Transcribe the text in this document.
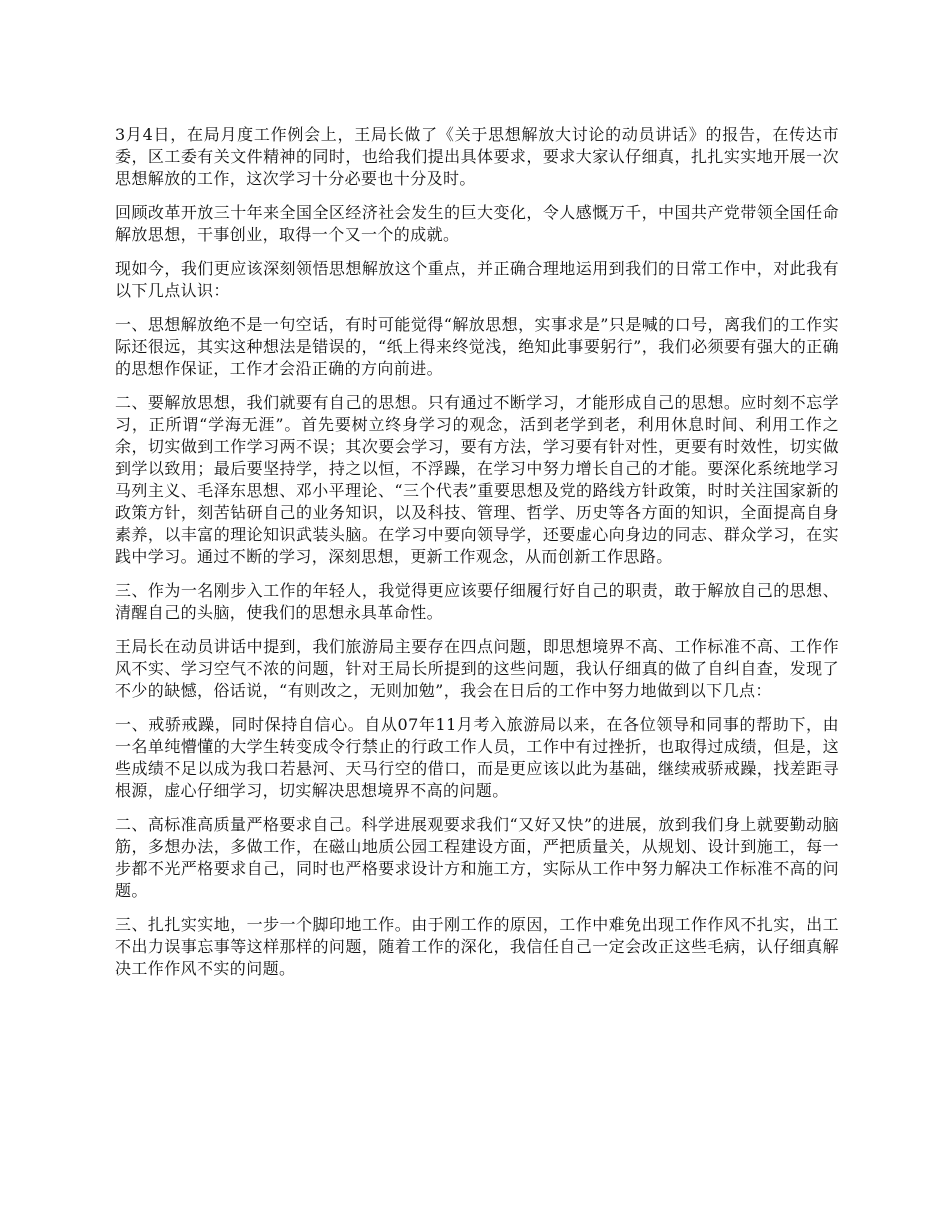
3月4日，在局月度工作例会上，王局长做了《关于思想解放大讨论的动员讲话》的报告，在传达市委，区工委有关文件精神的同时，也给我们提出具体要求，要求大家认仔细真，扎扎实实地开展一次思想解放的工作，这次学习十分必要也十分及时。

回顾改革开放三十年来全国全区经济社会发生的巨大变化，令人感慨万千，中国共产党带领全国任命解放思想，干事创业，取得一个又一个的成就。

现如今，我们更应该深刻领悟思想解放这个重点，并正确合理地运用到我们的日常工作中，对此我有以下几点认识：

一、思想解放绝不是一句空话，有时可能觉得“解放思想，实事求是”只是喊的口号，离我们的工作实际还很远，其实这种想法是错误的，“纸上得来终觉浅，绝知此事要躬行”，我们必须要有强大的正确的思想作保证，工作才会沿正确的方向前进。

二、要解放思想，我们就要有自己的思想。只有通过不断学习，才能形成自己的思想。应时刻不忘学习，正所谓“学海无涯”。首先要树立终身学习的观念，活到老学到老，利用休息时间、利用工作之余，切实做到工作学习两不误；其次要会学习，要有方法，学习要有针对性，更要有时效性，切实做到学以致用；最后要坚持学，持之以恒，不浮躁，在学习中努力增长自己的才能。要深化系统地学习马列主义、毛泽东思想、邓小平理论、“三个代表”重要思想及党的路线方针政策，时时关注国家新的政策方针，刻苦钻研自己的业务知识，以及科技、管理、哲学、历史等各方面的知识，全面提高自身素养，以丰富的理论知识武装头脑。在学习中要向领导学，还要虚心向身边的同志、群众学习，在实践中学习。通过不断的学习，深刻思想，更新工作观念，从而创新工作思路。

三、作为一名刚步入工作的年轻人，我觉得更应该要仔细履行好自己的职责，敢于解放自己的思想、清醒自己的头脑，使我们的思想永具革命性。

王局长在动员讲话中提到，我们旅游局主要存在四点问题，即思想境界不高、工作标准不高、工作作风不实、学习空气不浓的问题，针对王局长所提到的这些问题，我认仔细真的做了自纠自查，发现了不少的缺憾，俗话说，“有则改之，无则加勉”，我会在日后的工作中努力地做到以下几点：

一、戒骄戒躁，同时保持自信心。自从07年11月考入旅游局以来，在各位领导和同事的帮助下，由一名单纯懵懂的大学生转变成令行禁止的行政工作人员，工作中有过挫折，也取得过成绩，但是，这些成绩不足以成为我口若悬河、天马行空的借口，而是更应该以此为基础，继续戒骄戒躁，找差距寻根源，虚心仔细学习，切实解决思想境界不高的问题。

二、高标准高质量严格要求自己。科学进展观要求我们“又好又快”的进展，放到我们身上就要勤动脑筋，多想办法，多做工作，在磁山地质公园工程建设方面，严把质量关，从规划、设计到施工，每一步都不光严格要求自己，同时也严格要求设计方和施工方，实际从工作中努力解决工作标准不高的问题。

三、扎扎实实地，一步一个脚印地工作。由于刚工作的原因，工作中难免出现工作作风不扎实，出工不出力误事忘事等这样那样的问题，随着工作的深化，我信任自己一定会改正这些毛病，认仔细真解决工作作风不实的问题。
